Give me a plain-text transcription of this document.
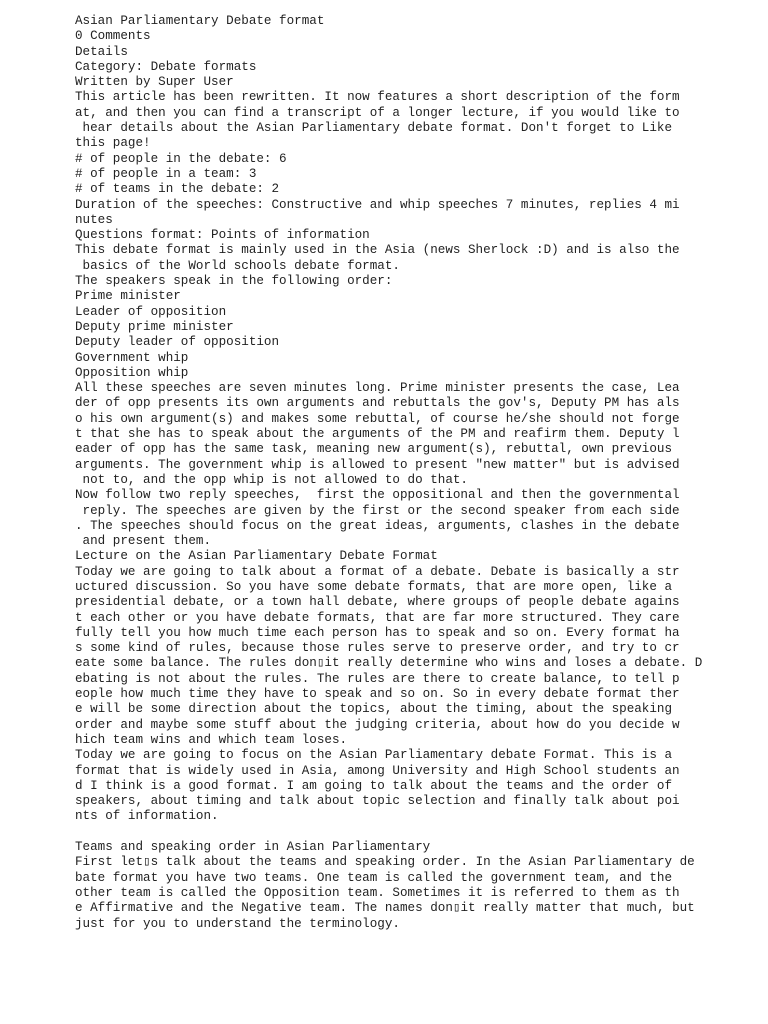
Asian Parliamentary Debate format
0 Comments
Details
Category: Debate formats
Written by Super User
This article has been rewritten. It now features a short description of the form
at, and then you can find a transcript of a longer lecture, if you would like to
hear details about the Asian Parliamentary debate format. Don't forget to Like
this page!
# of people in the debate: 6
# of people in a team: 3
# of teams in the debate: 2
Duration of the speeches: Constructive and whip speeches 7 minutes, replies 4 mi
nutes
Questions format: Points of information
This debate format is mainly used in the Asia (news Sherlock :D) and is also the
basics of the World schools debate format.
The speakers speak in the following order:
Prime minister
Leader of opposition
Deputy prime minister
Deputy leader of opposition
Government whip
Opposition whip
All these speeches are seven minutes long. Prime minister presents the case, Lea
der of opp presents its own arguments and rebuttals the gov's, Deputy PM has als
o his own argument(s) and makes some rebuttal, of course he/she should not forge
t that she has to speak about the arguments of the PM and reafirm them. Deputy l
eader of opp has the same task, meaning new argument(s), rebuttal, own previous
arguments. The government whip is allowed to present "new matter" but is advised
not to, and the opp whip is not allowed to do that.
Now follow two reply speeches,  first the oppositional and then the governmental
reply. The speeches are given by the first or the second speaker from each side
. The speeches should focus on the great ideas, arguments, clashes in the debate
and present them.
Lecture on the Asian Parliamentary Debate Format
Today we are going to talk about a format of a debate. Debate is basically a str
uctured discussion. So you have some debate formats, that are more open, like a
presidential debate, or a town hall debate, where groups of people debate agains
t each other or you have debate formats, that are far more structured. They care
fully tell you how much time each person has to speak and so on. Every format ha
s some kind of rules, because those rules serve to preserve order, and try to cr
eate some balance. The rules don▯it really determine who wins and loses a debate. D
ebating is not about the rules. The rules are there to create balance, to tell p
eople how much time they have to speak and so on. So in every debate format ther
e will be some direction about the topics, about the timing, about the speaking
order and maybe some stuff about the judging criteria, about how do you decide w
hich team wins and which team loses.
Today we are going to focus on the Asian Parliamentary debate Format. This is a
format that is widely used in Asia, among University and High School students an
d I think is a good format. I am going to talk about the teams and the order of
speakers, about timing and talk about topic selection and finally talk about poi
nts of information.
Teams and speaking order in Asian Parliamentary
First let▯s talk about the teams and speaking order. In the Asian Parliamentary de
bate format you have two teams. One team is called the government team, and the
other team is called the Opposition team. Sometimes it is referred to them as th
e Affirmative and the Negative team. The names don▯it really matter that much, but
just for you to understand the terminology.
